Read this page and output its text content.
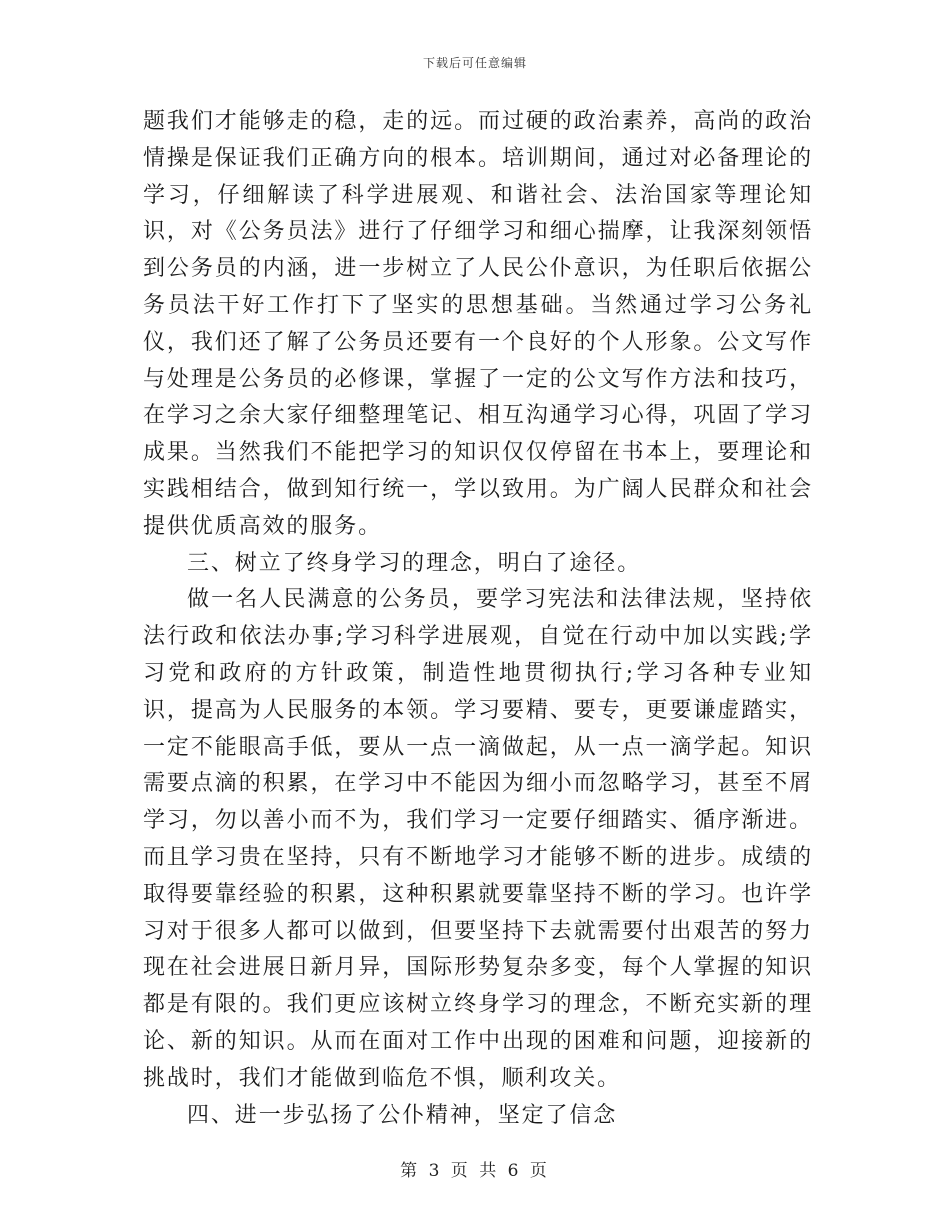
下载后可任意编辑

题我们才能够走的稳，走的远。而过硬的政治素养，高尚的政治情操是保证我们正确方向的根本。培训期间，通过对必备理论的学习，仔细解读了科学进展观、和谐社会、法治国家等理论知识，对《公务员法》进行了仔细学习和细心揣摩，让我深刻领悟到公务员的内涵，进一步树立了人民公仆意识，为任职后依据公务员法干好工作打下了坚实的思想基础。当然通过学习公务礼仪，我们还了解了公务员还要有一个良好的个人形象。公文写作与处理是公务员的必修课，掌握了一定的公文写作方法和技巧，在学习之余大家仔细整理笔记、相互沟通学习心得，巩固了学习成果。当然我们不能把学习的知识仅仅停留在书本上，要理论和实践相结合，做到知行统一，学以致用。为广阔人民群众和社会提供优质高效的服务。

三、树立了终身学习的理念，明白了途径。

做一名人民满意的公务员，要学习宪法和法律法规，坚持依法行政和依法办事;学习科学进展观，自觉在行动中加以实践;学习党和政府的方针政策，制造性地贯彻执行;学习各种专业知识，提高为人民服务的本领。学习要精、要专，更要谦虚踏实，一定不能眼高手低，要从一点一滴做起，从一点一滴学起。知识需要点滴的积累，在学习中不能因为细小而忽略学习，甚至不屑学习，勿以善小而不为，我们学习一定要仔细踏实、循序渐进。而且学习贵在坚持，只有不断地学习才能够不断的进步。成绩的取得要靠经验的积累，这种积累就要靠坚持不断的学习。也许学习对于很多人都可以做到，但要坚持下去就需要付出艰苦的努力现在社会进展日新月异，国际形势复杂多变，每个人掌握的知识都是有限的。我们更应该树立终身学习的理念，不断充实新的理论、新的知识。从而在面对工作中出现的困难和问题，迎接新的挑战时，我们才能做到临危不惧，顺利攻关。

四、进一步弘扬了公仆精神，坚定了信念

第 3 页 共 6 页
